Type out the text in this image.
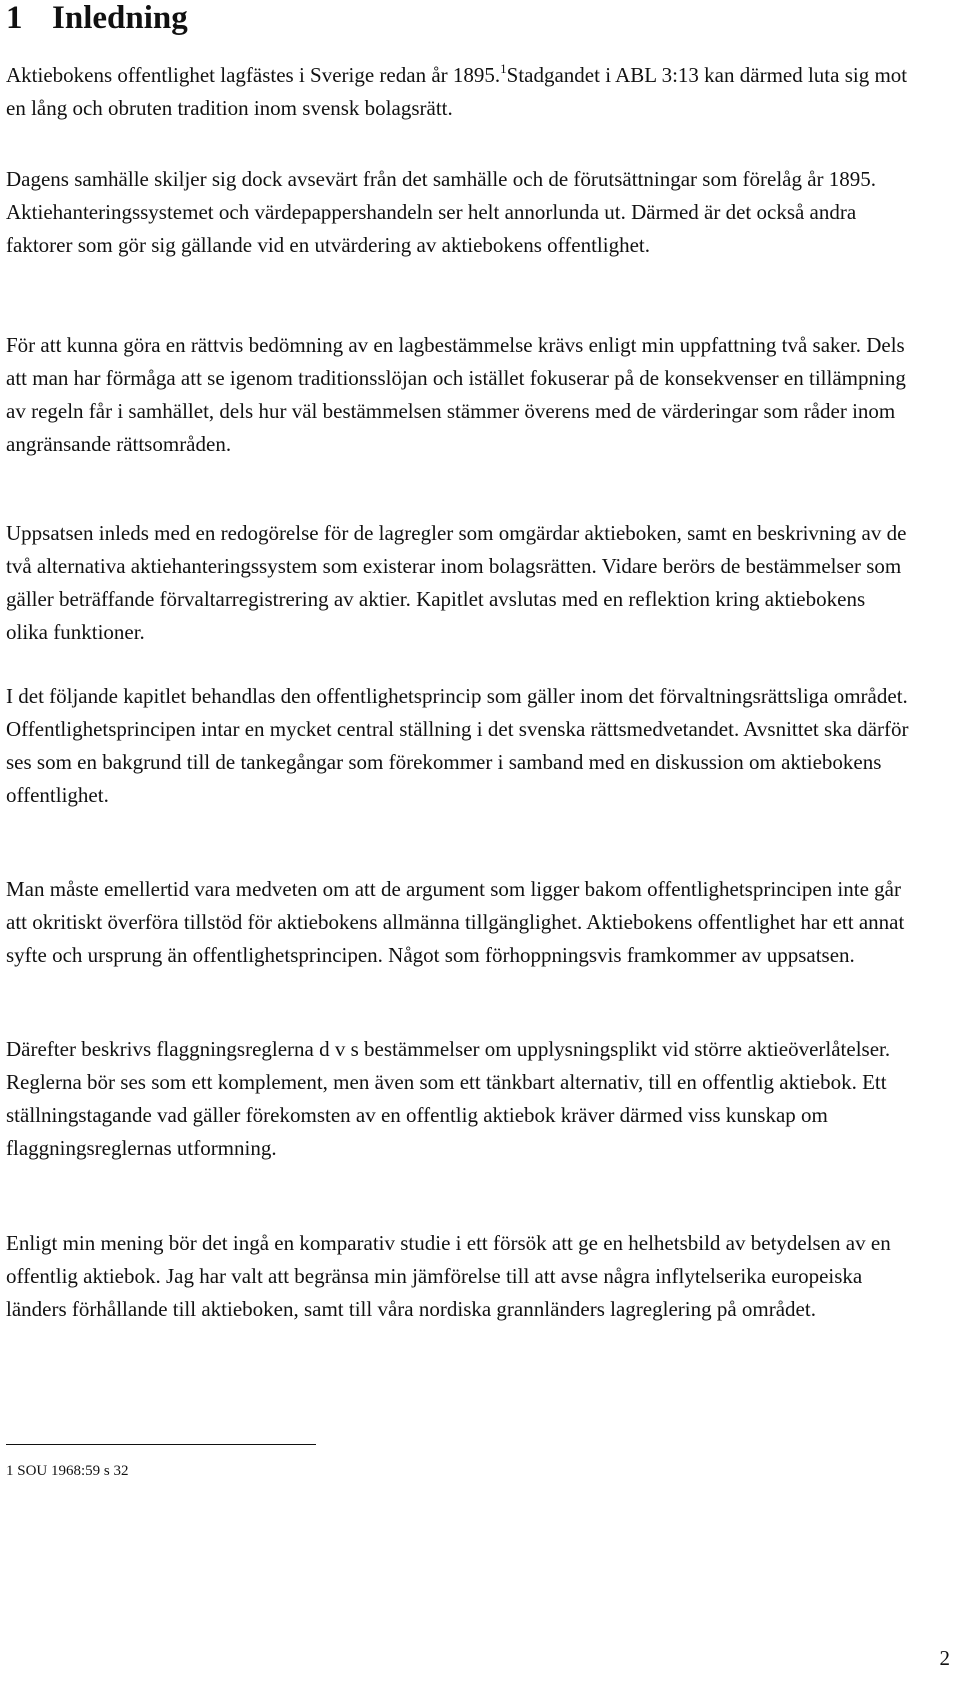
1 Inledning

Aktiebokens offentlighet lagfästes i Sverige redan år 1895.$^1$Stadgandet i ABL 3:13 kan därmed luta sig mot en lång och obruten tradition inom svensk bolagsrätt.

Dagens samhälle skiljer sig dock avsevärt från det samhälle och de förutsättningar som förelåg år 1895. Aktiehanteringssystemet och värdepappershandeln ser helt annorlunda ut. Därmed är det också andra faktorer som gör sig gällande vid en utvärdering av aktiebokens offentlighet.

För att kunna göra en rättvis bedömning av en lagbestämmelse krävs enligt min uppfattning två saker. Dels att man har förmåga att se igenom traditionsslöjan och istället fokuserar på de konsekvenser en tillämpning av regeln får i samhället, dels hur väl bestämmelsen stämmer överens med de värderingar som råder inom angränsande rättsområden.

Uppsatsen inleds med en redogörelse för de lagregler som omgärdar aktieboken, samt en beskrivning av de två alternativa aktiehanteringssystem som existerar inom bolagsrätten. Vidare berörs de bestämmelser som gäller beträffande förvaltarregistrering av aktier. Kapitlet avslutas med en reflektion kring aktiebokens olika funktioner.

I det följande kapitlet behandlas den offentlighetsprincip som gäller inom det förvaltningsrättsliga området. Offentlighetsprincipen intar en mycket central ställning i det svenska rättsmedvetandet. Avsnittet ska därför ses som en bakgrund till de tankegångar som förekommer i samband med en diskussion om aktiebokens offentlighet.

Man måste emellertid vara medveten om att de argument som ligger bakom offentlighetsprincipen inte går att okritiskt överföra tillstöd för aktiebokens allmänna tillgänglighet. Aktiebokens offentlighet har ett annat syfte och ursprung än offentlighetsprincipen. Något som förhoppningsvis framkommer av uppsatsen.

Därefter beskrivs flaggningsreglerna d v s bestämmelser om upplysningsplikt vid större aktieöverlåtelser. Reglerna bör ses som ett komplement, men även som ett tänkbart alternativ, till en offentlig aktiebok. Ett ställningstagande vad gäller förekomsten av en offentlig aktiebok kräver därmed viss kunskap om flaggningsreglernas utformning.

Enligt min mening bör det ingå en komparativ studie i ett försök att ge en helhetsbild av betydelsen av en offentlig aktiebok. Jag har valt att begränsa min jämförelse till att avse några inflytelserika europeiska länders förhållande till aktieboken, samt till våra nordiska grannländers lagreglering på området.

1 SOU 1968:59 s 32
2
